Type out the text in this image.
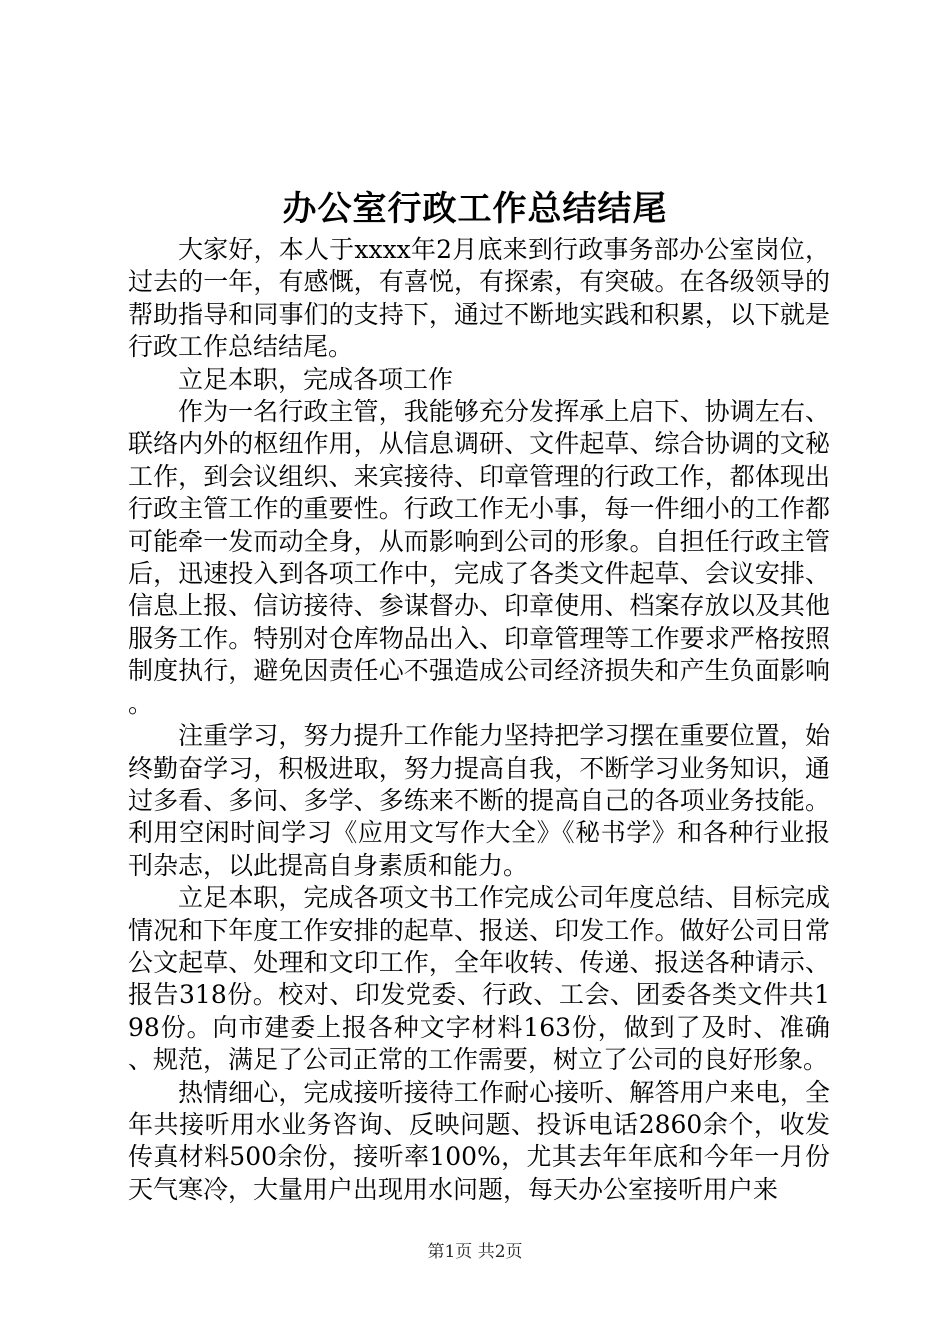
办公室行政工作总结结尾

大家好，本人于xxxx年2月底来到行政事务部办公室岗位，过去的一年，有感慨，有喜悦，有探索，有突破。在各级领导的帮助指导和同事们的支持下，通过不断地实践和积累，以下就是行政工作总结结尾。

立足本职，完成各项工作

作为一名行政主管，我能够充分发挥承上启下、协调左右、联络内外的枢纽作用，从信息调研、文件起草、综合协调的文秘工作，到会议组织、来宾接待、印章管理的行政工作，都体现出行政主管工作的重要性。行政工作无小事，每一件细小的工作都可能牵一发而动全身，从而影响到公司的形象。自担任行政主管后，迅速投入到各项工作中，完成了各类文件起草、会议安排、信息上报、信访接待、参谋督办、印章使用、档案存放以及其他服务工作。特别对仓库物品出入、印章管理等工作要求严格按照制度执行，避免因责任心不强造成公司经济损失和产生负面影响。

注重学习，努力提升工作能力坚持把学习摆在重要位置，始终勤奋学习，积极进取，努力提高自我，不断学习业务知识，通过多看、多问、多学、多练来不断的提高自己的各项业务技能。利用空闲时间学习《应用文写作大全》《秘书学》和各种行业报刊杂志，以此提高自身素质和能力。

立足本职，完成各项文书工作完成公司年度总结、目标完成情况和下年度工作安排的起草、报送、印发工作。做好公司日常公文起草、处理和文印工作，全年收转、传递、报送各种请示、报告318份。校对、印发党委、行政、工会、团委各类文件共198份。向市建委上报各种文字材料163份，做到了及时、准确、规范，满足了公司正常的工作需要，树立了公司的良好形象。

热情细心，完成接听接待工作耐心接听、解答用户来电，全年共接听用水业务咨询、反映问题、投诉电话2860余个，收发传真材料500余份，接听率100%，尤其去年年底和今年一月份天气寒冷，大量用户出现用水问题，每天办公室接听用户来

第1页 共2页
